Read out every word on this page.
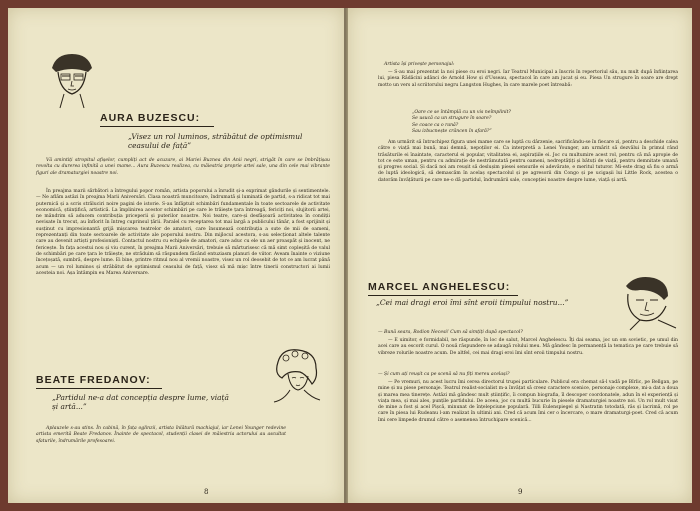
AURA BUZESCU:
„Visez un rol luminos, străbătut de optimismul ceasului de față”

Vă amintiți stropitul afișelor, cumpliți act de acuzare, ai Mariei Buznea din Anii negri, strigăt în care se îmbrățișau revolta cu durerea infinită a unei mame... Aura Buzescu realizea, cu măiestria proprie artei sale, una din cele mai vibrante figuri ale dramaturgiei noastre noi.

În preajma marii sărbători a întregului popor român, artista poporului a înrudit și-a exprimat gândurile și sentimentele. — Ne aflăm astăzi în preajma Marii Aniversări. Clasa noastră muncitoare, îndrumată și luminată de partid, s-a ridicat tot mai puternică și a scris străluciri noire pagini de istorie. S-au înfăptuit schimbări fundamentale în toate sectoarele de activitate economică, științifică, artistică. La împlinirea acestor schimbări pe care le trăiește țara întreagă, fericiți noi, slujitorii artei, ne mândrim să aducem contribuția priceperii și puterilor noastre. Noi teatre, care-și desfășoară activitatea în condiții nevisate în trecut, au înflorit în întreg cuprinsul țării. Paralel cu receptarea tot mai largă a publicului tânăr, a fost sprijinit și susținut cu impresionantă grijă mișcarea teatrelor de amatori, care însumează contribuția a sute de mii de oameni, reprezentanți din toate sectoarele de activitate ale poporului nostru. Din mijlocul acestora, s-au selecționat altele talente care au devenit artiști profesioniști. Contactul nostru cu echipele de amatori, care aduc cu ele un aer proaspăt și inocent, ne fericește. În fața acestui nou și viu curent, în preajma Marii Aniversări, trebuie să mărturisesc că mă simt copleșită de valul de schimbări pe care țara le trăiește, ne străduim să răspundem făcând entuziasm planuri de viitor. Aveam înainte o viziune încețoșată, sumbră, despre lume. Ei bine, printre ritmul nou al vremii noastre, visez un rol deosebit de tot ce am lucrat până acum — un rol luminos și străbătut de optimismul ceasului de față, visez să mă mișc între tinerii constructori ai lumii acesteia noi. Așa întâmpin eu Marea Aniversare.

BEATE FREDANOV:
„Partidul ne-a dat concepția despre lume, viață și artă...”

Aplauzele s-au stins. În cabină, în fața oglinzii, artista înlătură machiajul, iar Lenei Younger redevine artista emerită Beate Fredanov. Înainte de spectacol, studenții clasei de măiestria actorului au ascultat sfaturile, îndrumările profesoarei.

8
Artista își privește personajul:

— S-au mai prezentat la noi piese cu eroi negri. Iar Teatrul Municipal a înscris în repertoriul său, nu mult după înființarea lui, piesa Rădăcini adânci de Arnold How și d'Usseau, spectacol în care am jucat și eu. Piesa Un strugure în soare are drept motto un vers al scriitorului negru Langston Hughes, în care marele poet întreabă:

„Oare ce se întâmplă cu un vis neîmplinit?
Se usucă ca un strugure în soare?
Se coace ca o rană?
Sau izbucnește crâncen în afară?”

Am urmărit să întruchipez figura unei mame care se luptă cu dârzenie, sacrificându-se în fiecare zi, pentru a deschide calea către o viață mai bună, mai demnă, nepoților ei. Ca interpretă a Lenei Younger, am urmărit să dezvălui în primul rând trăsăturile ei înaintate, caracterul ei popular, vitalitatea ei, aspirațiile ei. Joc cu multumire acest rol, pentru că mă apropie de tot ce este uman, pentru cu admirație de nestrămutată pentru oameni, nedreptățiți și bătuți de viață, pentru demnitate umană și progres social. Și dacă noi am reușit să deslușim piesei sensurile ei adevărate, e meritul tuturor. Mi-este drag să fiu o armă de luptă ideologică, să demascăm în acelaș spectacolul și pe agresorii din Congo și pe ucigașii lui Little Rock, acestea o datorăm învățăturii pe care ne-o dă partidul, îndrumării sale, concepției noastre despre lume, viață și artă.

MARCEL ANGHELESCU:
„Cei mai dragi eroi îmi sînt eroii timpului nostru...”
— Bună seara, Rodion Necesi! Cum să simțiți după spectacol?

— E uimitor, e formidabil, ne răspunde, în loc de salut, Marcel Anghelescu. Îți dai seama, joc un om sovietic, pe umul din acei care au escorit curul. O nouă răspundere se adaugă rolului meu. Mă gândesc în permanență la tematica pe care trebuie să vibreze rolurile noastre acum. De altfel, cei mai dragi eroi îmi sînt eroii timpului nostru.

— Și cum ați reușit ca pe scenă să nu fiți mereu același?

— Pe vremuri, nu acest lucru îmi cerea directorul trupei particulare. Publicul era chemat să-l vadă pe Bîrlic, pe Bellgan, pe mine și nu piese personaje. Teatrul realist-socialist m-a învățat să creez caractere scenice, personaje complexe, mi-a dat a doua și marea mea tinerețe. Astăzi mă gândesc mult științific, îi compun biografia, îl descoper coordonatele, adun în el experiență și viața mea, și mai ales, punțile partidului. De aceea, joc cu multă bucurie în piesele dramaturgiei noastre noi. Un rol mult visat de mine a fost și acel Pișcă, minunat de înțelepciune populară. Tilli Eulenspiegel și Nastratin totodată, râs și lacrimă, rol pe care în piesa lui Rudeanu l-am realizat în ultimii ani. Cred că acum îmi cer o încercare, o mare dramaturgi-poet. Cred că acum îmi cere limpede drumul către o asemenea întruchipare scenică...

9
